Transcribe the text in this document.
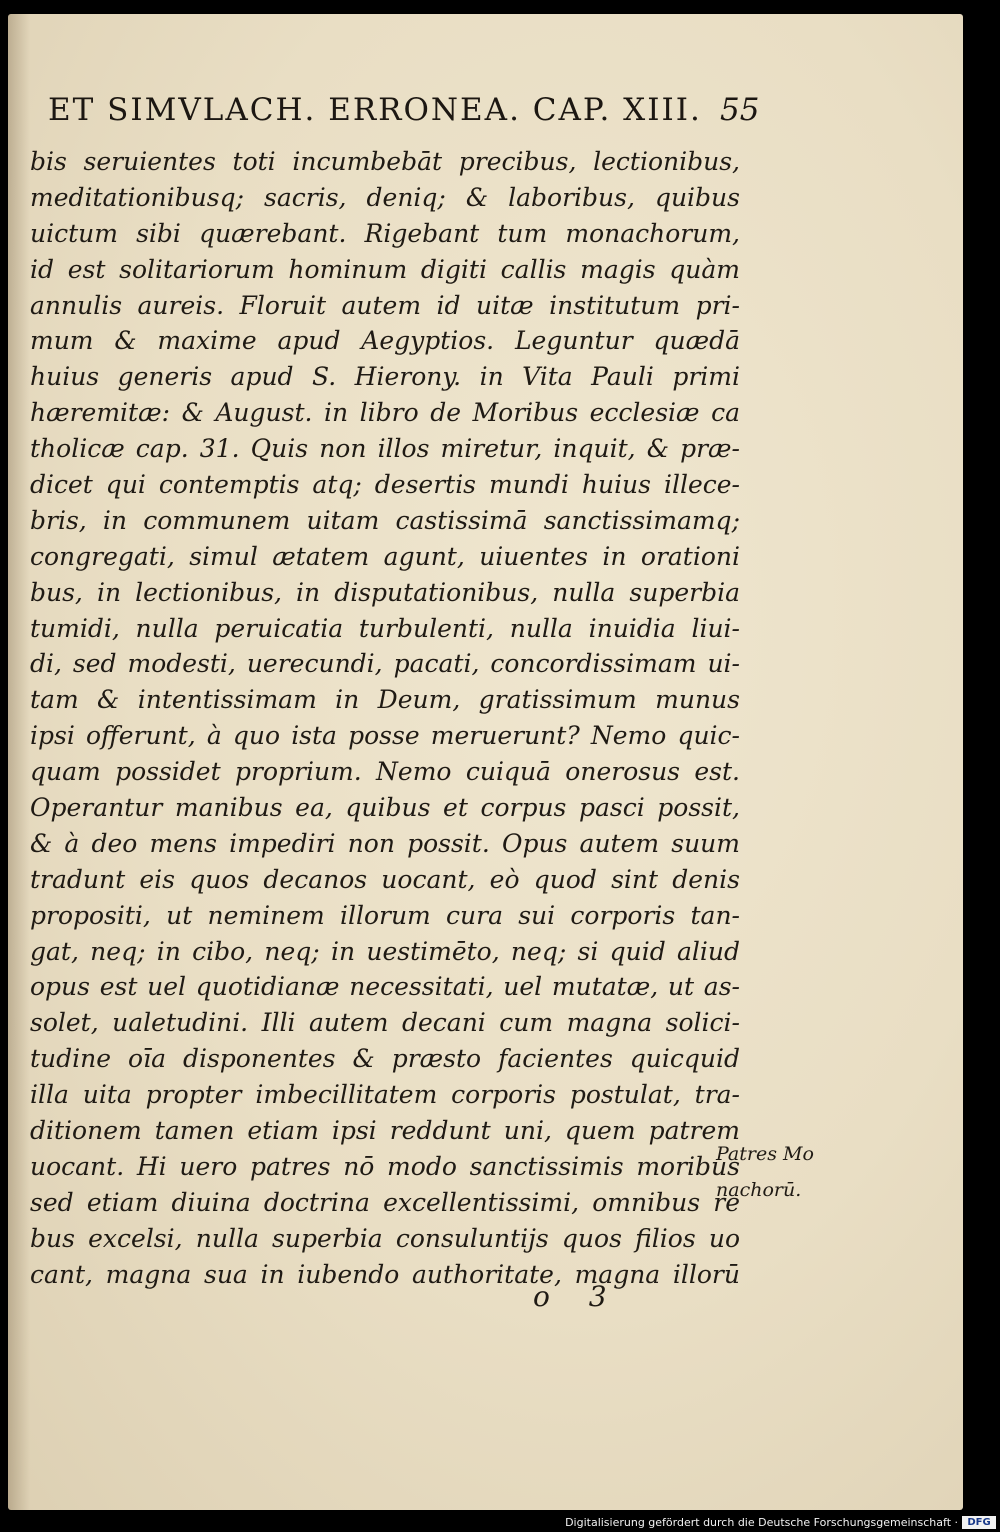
ET SIMVLACH. ERRONEA. CAP. XIII. 55
bis seruientes toti incumbebāt precibus, lectionibus,
meditationibusq; sacris, deniq; & laboribus, quibus
uictum sibi quærebant. Rigebant tum monachorum,
id est solitariorum hominum digiti callis magis quàm
annulis aureis. Floruit autem id uitæ institutum pri-
mum & maxime apud Aegyptios. Leguntur quædā
huius generis apud S. Hierony. in Vita Pauli primi
hæremitæ: & August. in libro de Moribus ecclesiæ ca
tholicæ cap. 31. Quis non illos miretur, inquit, & præ-
dicet qui contemptis atq; desertis mundi huius illece-
bris, in communem uitam castissimā sanctissimamq;
congregati, simul ætatem agunt, uiuentes in orationi
bus, in lectionibus, in disputationibus, nulla superbia
tumidi, nulla peruicatia turbulenti, nulla inuidia liui-
di, sed modesti, uerecundi, pacati, concordissimam ui-
tam & intentissimam in Deum, gratissimum munus
ipsi offerunt, à quo ista posse meruerunt? Nemo quic-
quam possidet proprium. Nemo cuiquā onerosus est.
Operantur manibus ea, quibus et corpus pasci possit,
& à deo mens impediri non possit. Opus autem suum
tradunt eis quos decanos uocant, eò quod sint denis
propositi, ut neminem illorum cura sui corporis tan-
gat, neq; in cibo, neq; in uestimēto, neq; si quid aliud
opus est uel quotidianæ necessitati, uel mutatæ, ut as-
solet, ualetudini. Illi autem decani cum magna solici-
tudine oīa disponentes & præsto facientes quicquid
illa uita propter imbecillitatem corporis postulat, tra-
ditionem tamen etiam ipsi reddunt uni, quem patrem
uocant. Hi uero patres nō modo sanctissimis moribus
sed etiam diuina doctrina excellentissimi, omnibus re
bus excelsi, nulla superbia consuluntijs quos filios uo
cant, magna sua in iubendo authoritate, magna illorū
Patres Mo
nachorū.
o 3
Digitalisierung gefördert durch die Deutsche Forschungsgemeinschaft · DFG
